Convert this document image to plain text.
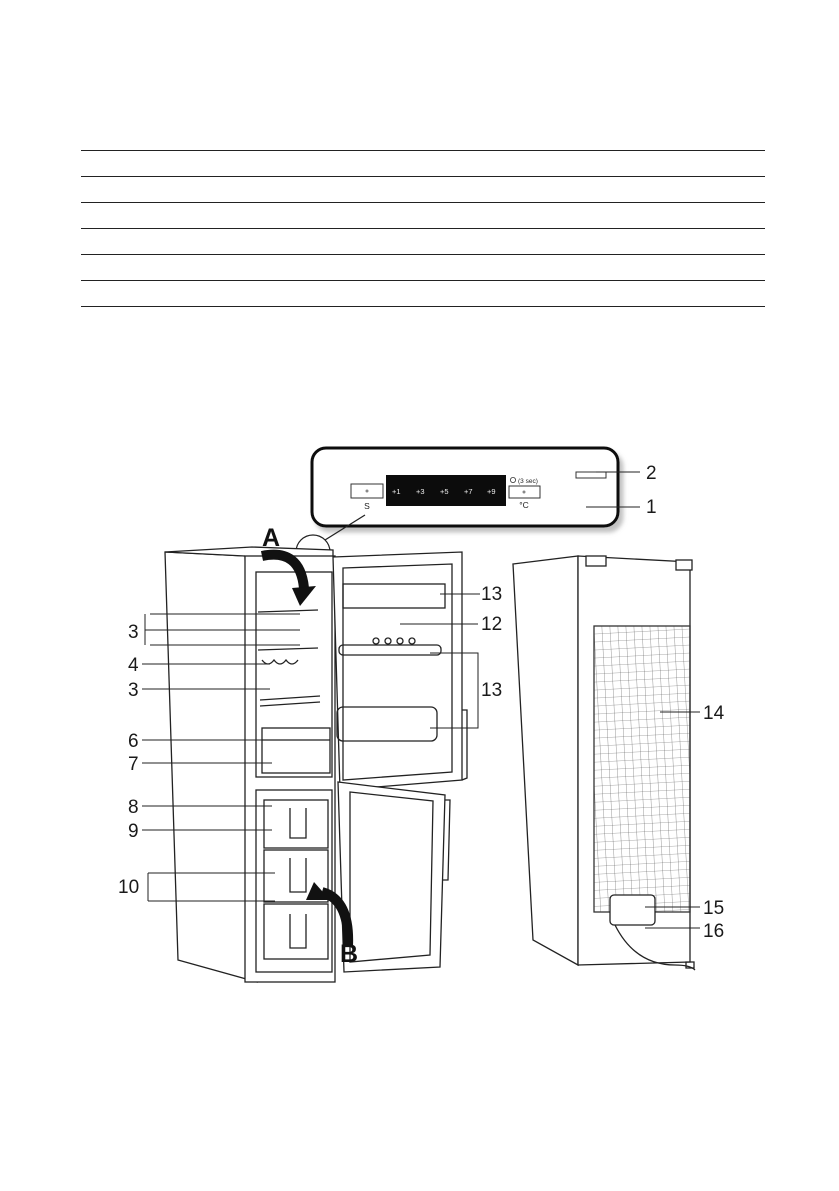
S
+1 +3 +5 +7 +9
(3 sec)
°C
A
B
1
2
3
4
3
6
7
8
9
10
12
13
13
14
15
16
